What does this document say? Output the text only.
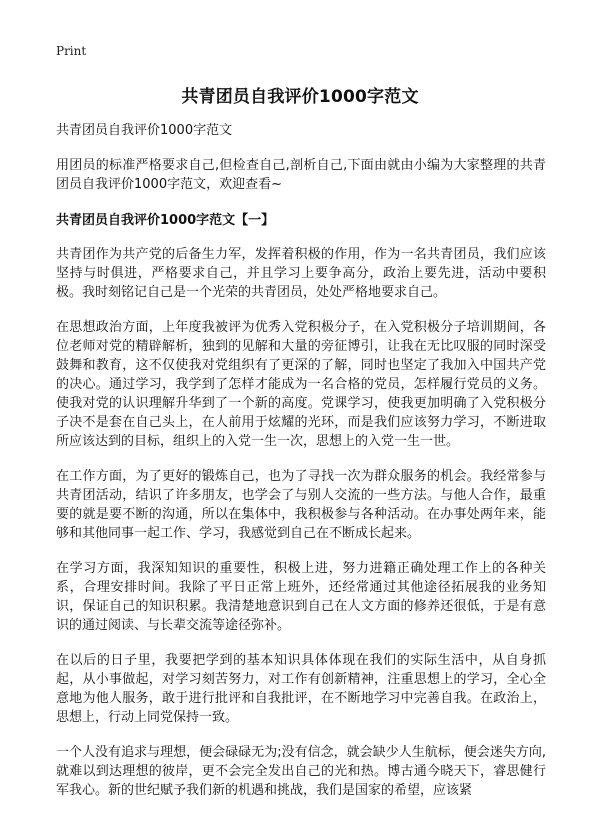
Print
共青团员自我评价1000字范文

共青团员自我评价1000字范文

用团员的标准严格要求自己,但检查自己,剖析自己,下面由就由小编为大家整理的共青团员自我评价1000字范文，欢迎查看~

共青团员自我评价1000字范文【一】

共青团作为共产党的后备生力军，发挥着积极的作用，作为一名共青团员，我们应该坚持与时俱进，严格要求自己，并且学习上要争高分，政治上要先进，活动中要积极。我时刻铭记自己是一个光荣的共青团员，处处严格地要求自己。

在思想政治方面，上年度我被评为优秀入党积极分子，在入党积极分子培训期间，各位老师对党的精辟解析，独到的见解和大量的旁征博引，让我在无比叹服的同时深受鼓舞和教育，这不仅使我对党组织有了更深的了解，同时也坚定了我加入中国共产党的决心。通过学习，我学到了怎样才能成为一名合格的党员，怎样履行党员的义务。使我对党的认识理解升华到了一个新的高度。党课学习，使我更加明确了入党积极分子决不是套在自己头上，在人前用于炫耀的光环，而是我们应该努力学习，不断进取所应该达到的目标，组织上的入党一生一次，思想上的入党一生一世。

在工作方面，为了更好的锻炼自己，也为了寻找一次为群众服务的机会。我经常参与共青团活动，结识了许多朋友，也学会了与别人交流的一些方法。与他人合作，最重要的就是要不断的沟通，所以在集体中，我积极参与各种活动。在办事处两年来，能够和其他同事一起工作、学习，我感觉到自己在不断成长起来。

在学习方面，我深知知识的重要性，积极上进，努力进籍正确处理工作上的各种关系，合理安排时间。我除了平日正常上班外，还经常通过其他途径拓展我的业务知识，保证自己的知识积累。我清楚地意识到自己在人文方面的修养还很低，于是有意识的通过阅读、与长辈交流等途径弥补。

在以后的日子里，我要把学到的基本知识具体体现在我们的实际生活中，从自身抓起，从小事做起，对学习刻苦努力，对工作有创新精神，注重思想上的学习，全心全意地为他人服务，敢于进行批评和自我批评，在不断地学习中完善自我。在政治上，思想上，行动上同党保持一致。

一个人没有追求与理想，便会碌碌无为;没有信念，就会缺少人生航标，便会迷失方向,就难以到达理想的彼岸，更不会完全发出自己的光和热。博古通今晓天下，睿思健行军我心。新的世纪赋予我们新的机遇和挑战，我们是国家的希望，应该紧
